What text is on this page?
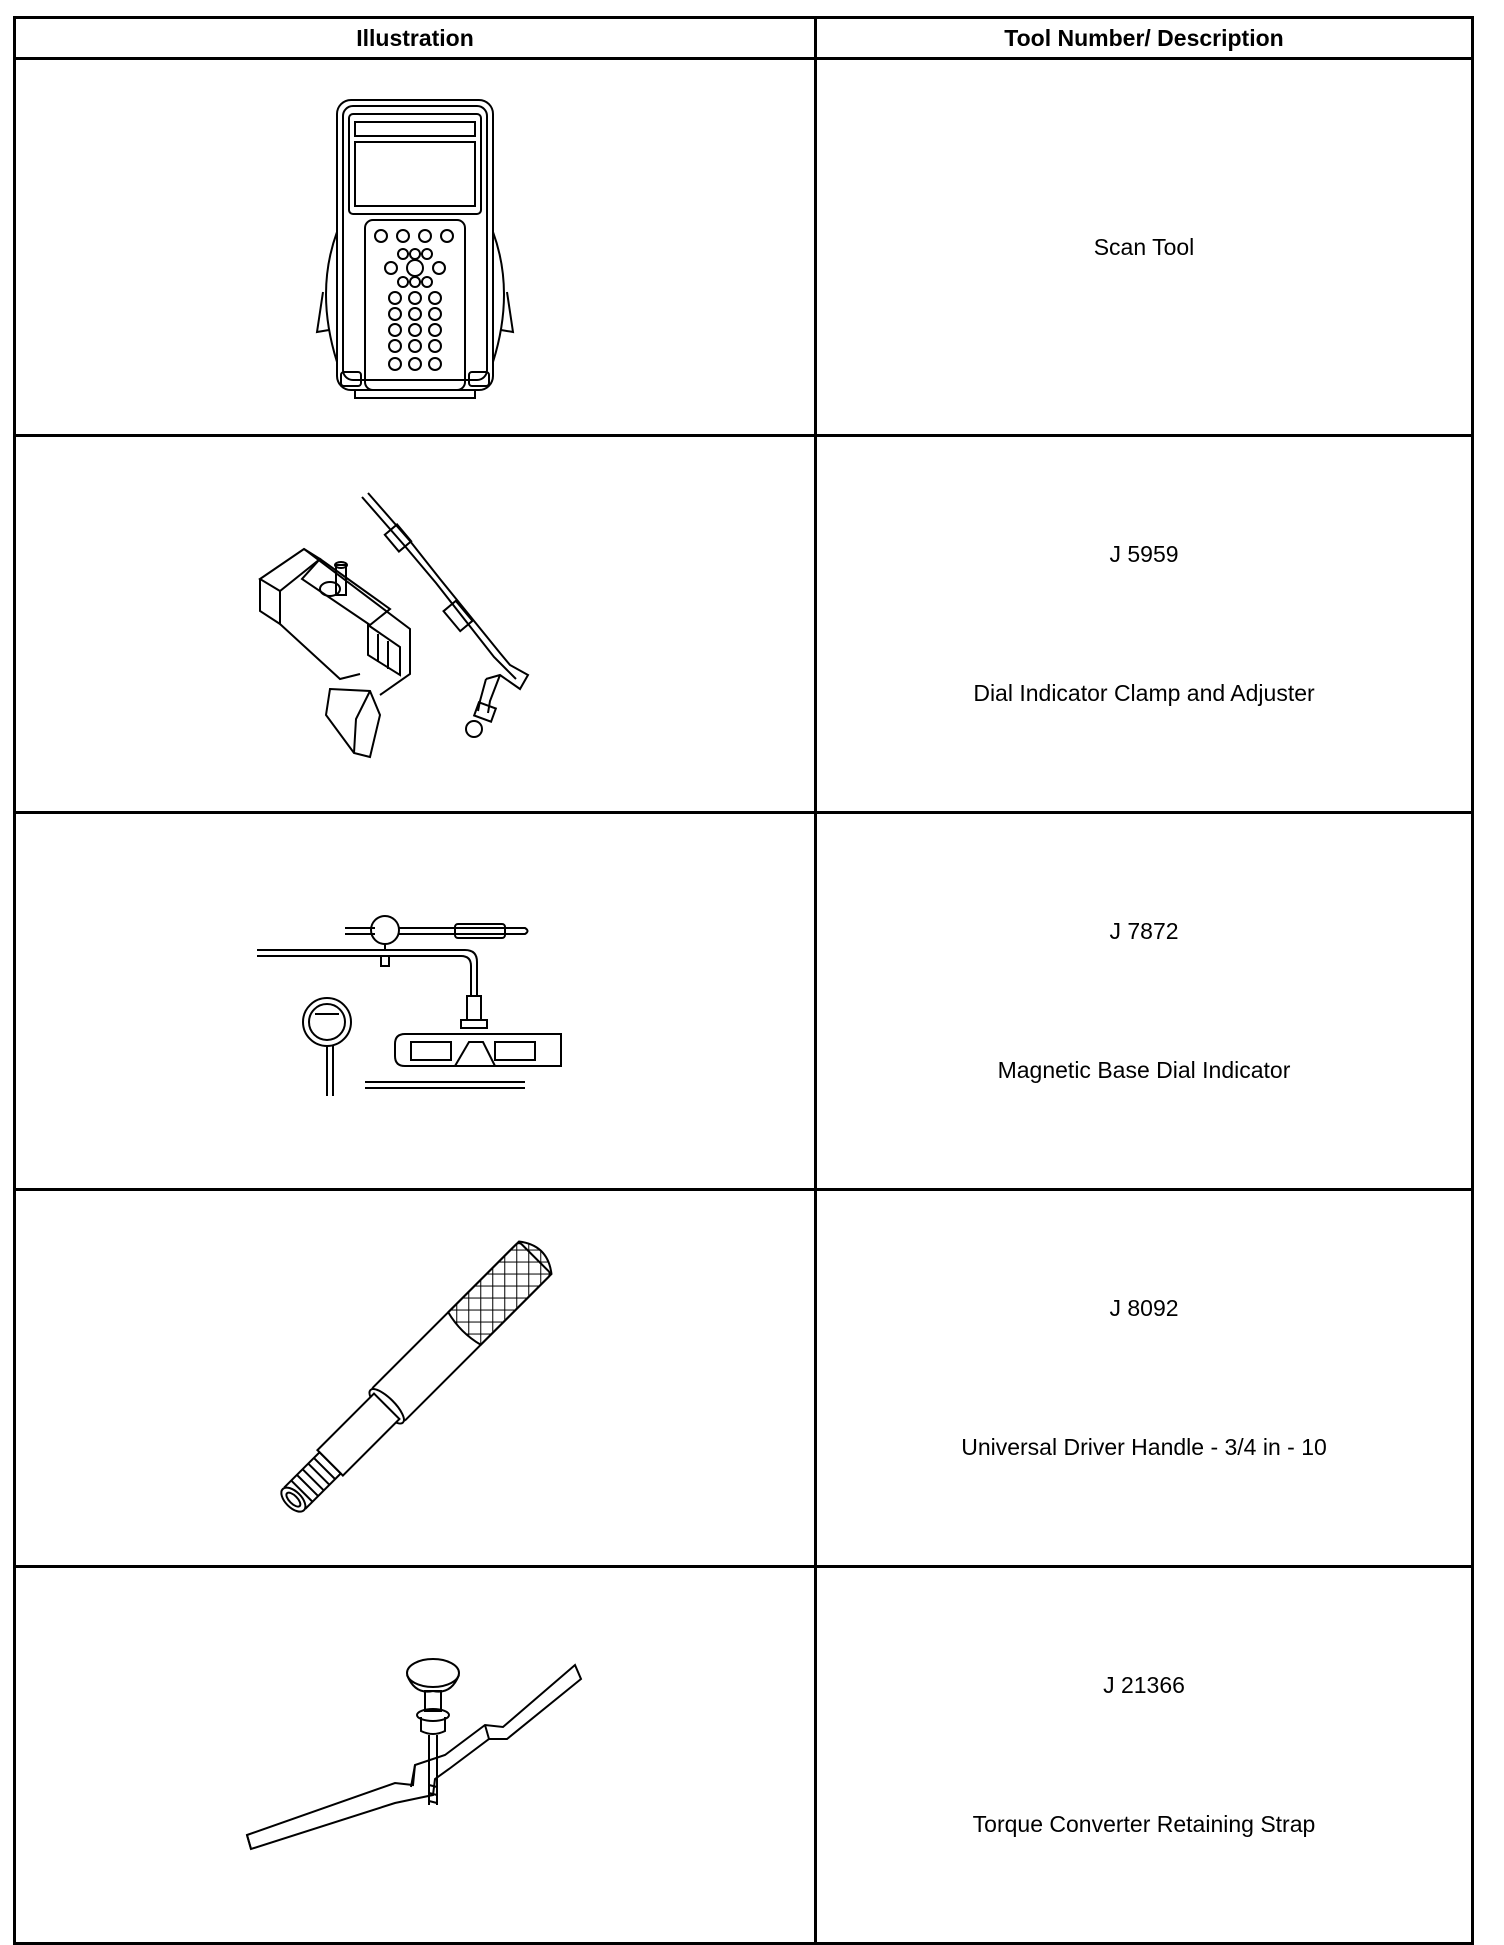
Illustration	Tool Number/ Description

Scan Tool

J 5959
Dial Indicator Clamp and Adjuster

J 7872
Magnetic Base Dial Indicator

J 8092
Universal Driver Handle - 3/4 in - 10

J 21366
Torque Converter Retaining Strap
